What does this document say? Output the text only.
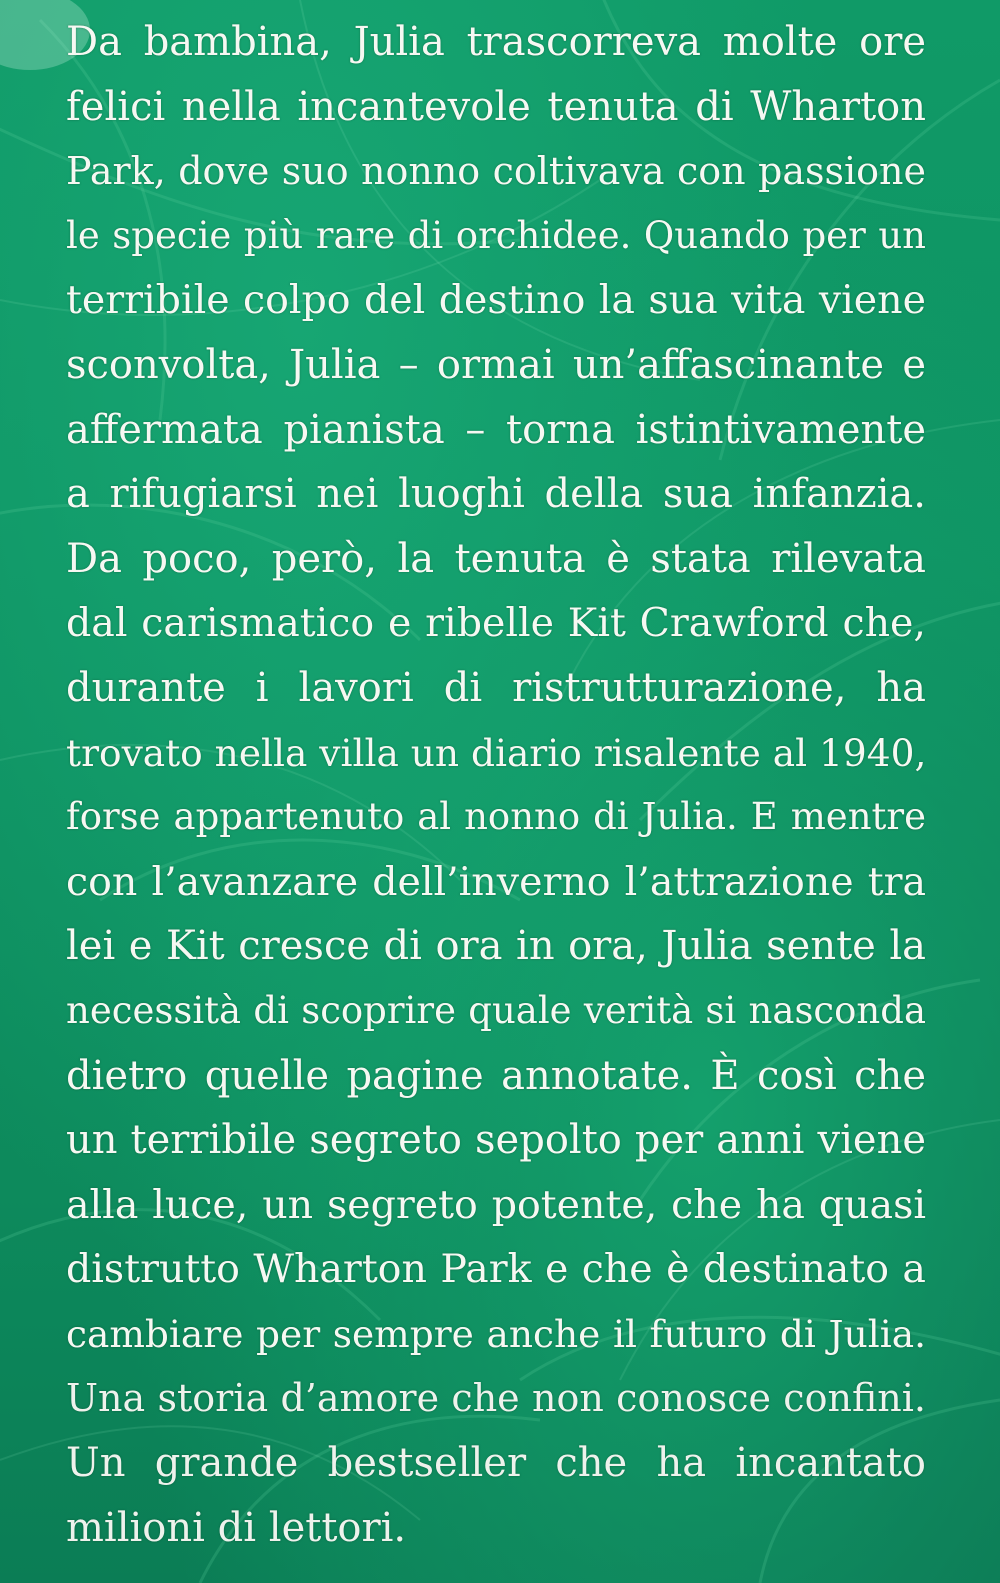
Da bambina, Julia trascorreva molte ore
felici nella incantevole tenuta di Wharton
Park, dove suo nonno coltivava con passione
le specie più rare di orchidee. Quando per un
terribile colpo del destino la sua vita viene
sconvolta, Julia – ormai un’affascinante e
affermata pianista – torna istintivamente
a rifugiarsi nei luoghi della sua infanzia.
Da poco, però, la tenuta è stata rilevata
dal carismatico e ribelle Kit Crawford che,
durante i lavori di ristrutturazione, ha
trovato nella villa un diario risalente al 1940,
forse appartenuto al nonno di Julia. E mentre
con l’avanzare dell’inverno l’attrazione tra
lei e Kit cresce di ora in ora, Julia sente la
necessità di scoprire quale verità si nasconda
dietro quelle pagine annotate. È così che
un terribile segreto sepolto per anni viene
alla luce, un segreto potente, che ha quasi
distrutto Wharton Park e che è destinato a
cambiare per sempre anche il futuro di Julia.
Una storia d’amore che non conosce confini.
Un grande bestseller che ha incantato
milioni di lettori.
